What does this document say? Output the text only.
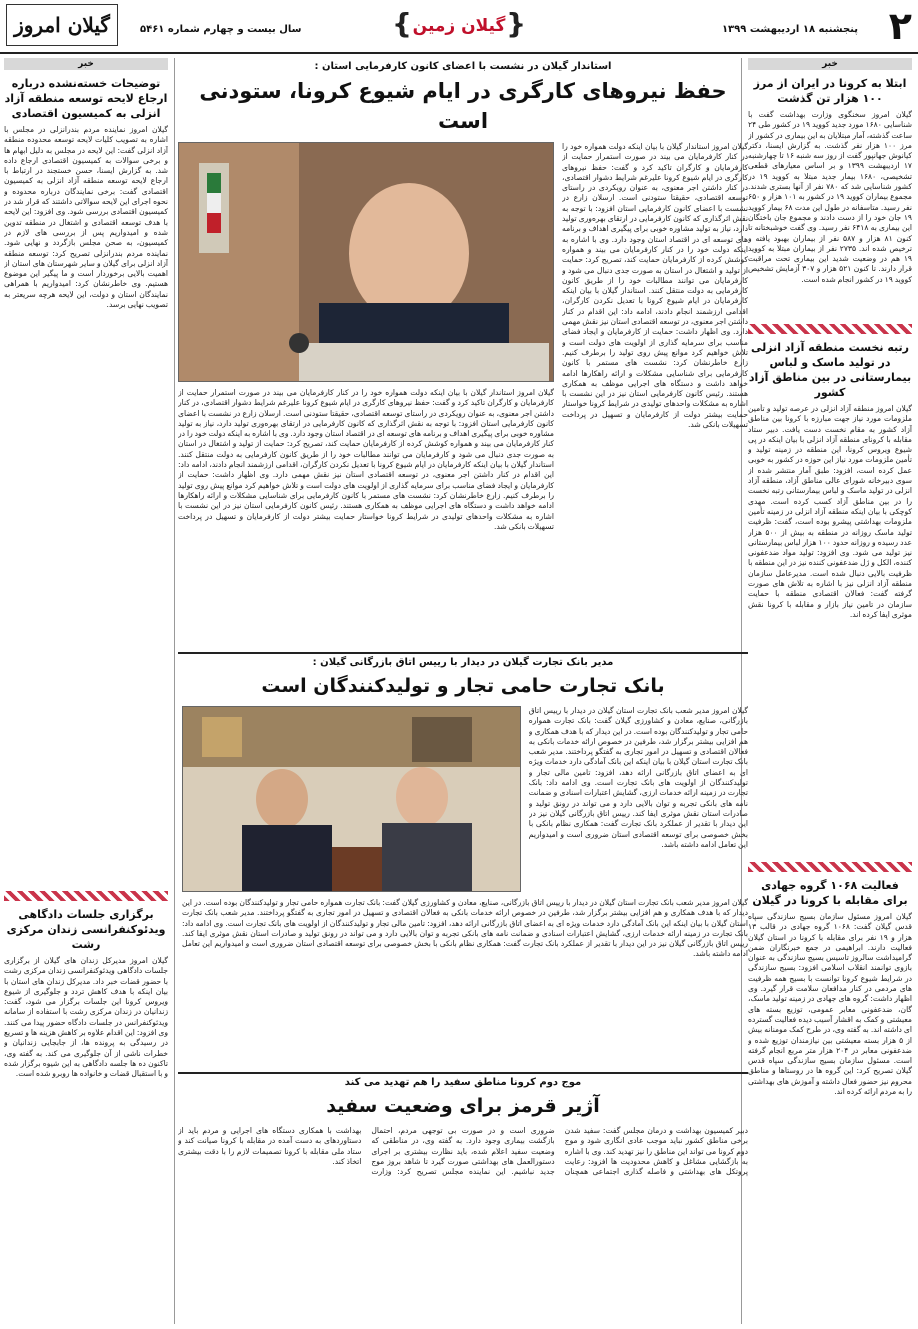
۲
پنجشنبه ۱۸ اردیبهشت ۱۳۹۹
{ گیلان زمین }
سال بیست و چهارم شماره ۵۴۶۱
گیلان امروز
خبر
ابتلا به کرونا در ایران از مرز ۱۰۰ هزار تن گذشت
گیلان امروز سخنگوی وزارت بهداشت گفت با شناسایی ۱۶۸۰ مورد جدید کووید ۱۹ در کشور طی ۲۴ ساعت گذشته، آمار مبتلایان به این بیماری در کشور از مرز ۱۰۰ هزار نفر گذشت. به گزارش ایسنا، دکتر کیانوش جهانپور گفت از روز سه شنبه ۱۶ تا چهارشنبه ۱۷ اردیبهشت ۱۳۹۹ و بر اساس معیارهای قطعی تشخیصی، ۱۶۸۰ بیمار جدید مبتلا به کووید ۱۹ در کشور شناسایی شد که ۷۸۰ نفر از آنها بستری شدند. مجموع بیماران کووید ۱۹ در کشور به ۱۰۱ هزار و ۶۵۰ نفر رسید. متاسفانه در طول این مدت ۶۸ بیمار کووید ۱۹ جان خود را از دست دادند و مجموع جان باختگان این بیماری به ۶۴۱۸ نفر رسید. وی گفت خوشبختانه تا کنون ۸۱ هزار و ۵۸۷ نفر از بیماران بهبود یافته و ترخیص شده اند. ۲۷۳۵ نفر از بیماران مبتلا به کووید ۱۹ هم در وضعیت شدید این بیماری تحت مراقبت قرار دارند. تا کنون ۵۲۱ هزار و ۳۰۷ آزمایش تشخیص کووید ۱۹ در کشور انجام شده است.
رتبه نخست منطقه آزاد انزلی در تولید ماسک و لباس بیمارستانی در بین مناطق آزاد کشور
گیلان امروز منطقه آزاد انزلی در عرصه تولید و تأمین ملزومات مورد نیاز جهت مبارزه با کرونا بین مناطق آزاد کشور به مقام نخست دست یافت. دبیر ستاد مقابله با کرونای منطقه آزاد انزلی با بیان اینکه در پی شیوع ویروس کرونا، این منطقه در زمینه تولید و تأمین ملزومات مورد نیاز این حوزه در کشور به خوبی عمل کرده است، افزود: طبق آمار منتشر شده از سوی دبیرخانه شورای عالی مناطق آزاد، منطقه آزاد انزلی در تولید ماسک و لباس بیمارستانی رتبه نخست را در بین مناطق آزاد کسب کرده است. مهدی کوچکی با بیان اینکه منطقه آزاد انزلی در زمینه تأمین ملزومات بهداشتی پیشرو بوده است، گفت: ظرفیت تولید ماسک روزانه در منطقه به بیش از ۵۰۰ هزار عدد رسیده و روزانه حدود ۱۰۰ هزار لباس بیمارستانی نیز تولید می شود. وی افزود: تولید مواد ضدعفونی کننده، الکل و ژل ضدعفونی کننده نیز در این منطقه با ظرفیت بالایی دنبال شده است. مدیرعامل سازمان منطقه آزاد انزلی نیز با اشاره به تلاش های صورت گرفته گفت: فعالان اقتصادی منطقه با حمایت سازمان در تامین نیاز بازار و مقابله با کرونا نقش موثری ایفا کرده اند.
فعالیت ۱۰۶۸ گروه جهادی برای مقابله با کرونا در گیلان
گیلان امروز مسئول سازمان بسیج سازندگی سپاه قدس گیلان گفت: ۱۰۶۸ گروه جهادی در قالب ۱۳ هزار و ۱۹ نفر برای مقابله با کرونا در استان گیلان فعالیت دارند. ابراهیمی در جمع خبرنگاران ضمن گرامیداشت سالروز تاسیس بسیج سازندگی به عنوان بازوی توانمند انقلاب اسلامی افزود: بسیج سازندگی در شرایط شیوع کرونا توانست با بسیج همه ظرفیت های مردمی در کنار مدافعان سلامت قرار گیرد. وی اظهار داشت: گروه های جهادی در زمینه تولید ماسک، گان، ضدعفونی معابر عمومی، توزیع بسته های معیشتی و کمک به اقشار آسیب دیده فعالیت گسترده ای داشته اند. به گفته وی، در طرح کمک مومنانه بیش از ۵ هزار بسته معیشتی بین نیازمندان توزیع شده و ضدعفونی معابر در ۲۰۴ هزار متر مربع انجام گرفته است. مسئول سازمان بسیج سازندگی سپاه قدس گیلان تصریح کرد: این گروه ها در روستاها و مناطق محروم نیز حضور فعال داشته و آموزش های بهداشتی را به مردم ارائه کرده اند.
خبر
توضیحات خسته‌نشده درباره ارجاع لایحه توسعه منطقه آزاد انزلی به کمیسیون اقتصادی
گیلان امروز نماینده مردم بندرانزلی در مجلس با اشاره به تصویب کلیات لایحه توسعه محدوده منطقه آزاد انزلی گفت: این لایحه در مجلس به دلیل ابهام ها و برخی سوالات به کمیسیون اقتصادی ارجاع داده شد. به گزارش ایسنا، حسن خستجند در ارتباط با ارجاع لایحه توسعه منطقه آزاد انزلی به کمیسیون اقتصادی گفت: برخی نمایندگان درباره محدوده و نحوه اجرای این لایحه سوالاتی داشتند که قرار شد در کمیسیون اقتصادی بررسی شود. وی افزود: این لایحه با هدف توسعه اقتصادی و اشتغال در منطقه تدوین شده و امیدواریم پس از بررسی های لازم در کمیسیون، به صحن مجلس بازگردد و نهایی شود. نماینده مردم بندرانزلی تصریح کرد: توسعه منطقه آزاد انزلی برای گیلان و سایر شهرستان های استان از اهمیت بالایی برخوردار است و ما پیگیر این موضوع هستیم. وی خاطرنشان کرد: امیدواریم با همراهی نمایندگان استان و دولت، این لایحه هرچه سریعتر به تصویب نهایی برسد.
برگزاری جلسات دادگاهی ویدئوکنفرانسی زندان مرکزی رشت
گیلان امروز مدیرکل زندان های گیلان از برگزاری جلسات دادگاهی ویدئوکنفرانسی زندان مرکزی رشت با حضور قضات خبر داد. مدیرکل زندان های استان با بیان اینکه با هدف کاهش تردد و جلوگیری از شیوع ویروس کرونا این جلسات برگزار می شود، گفت: زندانیان در زندان مرکزی رشت با استفاده از سامانه ویدئوکنفرانس در جلسات دادگاه حضور پیدا می کنند. وی افزود: این اقدام علاوه بر کاهش هزینه ها و تسریع در رسیدگی به پرونده ها، از جابجایی زندانیان و خطرات ناشی از آن جلوگیری می کند. به گفته وی، تاکنون ده ها جلسه دادگاهی به این شیوه برگزار شده و با استقبال قضات و خانواده ها روبرو شده است.
استاندار گیلان در نشست با اعضای کانون کارفرمایی استان :
حفظ نیروهای کارگری در ایام شیوع کرونا، ستودنی است
گیلان امروز استاندار گیلان با بیان اینکه دولت همواره خود را در کنار کارفرمایان می بیند در صورت استمرار حمایت از کارفرمایان و کارگران تاکید کرد و گفت: حفظ نیروهای کارگری در ایام شیوع کرونا علیرغم شرایط دشوار اقتصادی، در کنار داشتن اجر معنوی، به عنوان رویکردی در راستای توسعه اقتصادی، حقیقتا ستودنی است. ارسلان زارع در نشست با اعضای کانون کارفرمایی استان افزود: با توجه به نقش اثرگذاری که کانون کارفرمایی در ارتقای بهره‌وری تولید دارد، نیاز به تولید مشاوره خوبی برای پیگیری اهداف و برنامه های توسعه ای در اقتصاد استان وجود دارد. وی با اشاره به اینکه دولت خود را در کنار کارفرمایان می بیند و همواره کوشش کرده از کارفرمایان حمایت کند، تصریح کرد: حمایت از تولید و اشتغال در استان به صورت جدی دنبال می شود و کارفرمایان می توانند مطالبات خود را از طریق کانون کارفرمایی به دولت منتقل کنند. استاندار گیلان با بیان اینکه کارفرمایان در ایام شیوع کرونا با تعدیل نکردن کارگران، اقدامی ارزشمند انجام دادند، ادامه داد: این اقدام در کنار داشتن اجر معنوی، در توسعه اقتصادی استان نیز نقش مهمی دارد. وی اظهار داشت: حمایت از کارفرمایان و ایجاد فضای مناسب برای سرمایه گذاری از اولویت های دولت است و تلاش خواهیم کرد موانع پیش روی تولید را برطرف کنیم. زارع خاطرنشان کرد: نشست های مستمر با کانون کارفرمایی برای شناسایی مشکلات و ارائه راهکارها ادامه خواهد داشت و دستگاه های اجرایی موظف به همکاری هستند. رئیس کانون کارفرمایی استان نیز در این نشست با اشاره به مشکلات واحدهای تولیدی در شرایط کرونا خواستار حمایت بیشتر دولت از کارفرمایان و تسهیل در پرداخت تسهیلات بانکی شد.
گیلان امروز استاندار گیلان با بیان اینکه دولت همواره خود را در کنار کارفرمایان می بیند در صورت استمرار حمایت از کارفرمایان و کارگران تاکید کرد و گفت: حفظ نیروهای کارگری در ایام شیوع کرونا علیرغم شرایط دشوار اقتصادی، در کنار داشتن اجر معنوی، به عنوان رویکردی در راستای توسعه اقتصادی، حقیقتا ستودنی است. ارسلان زارع در نشست با اعضای کانون کارفرمایی استان افزود: با توجه به نقش اثرگذاری که کانون کارفرمایی در ارتقای بهره‌وری تولید دارد، نیاز به تولید مشاوره خوبی برای پیگیری اهداف و برنامه های توسعه ای در اقتصاد استان وجود دارد. وی با اشاره به اینکه دولت خود را در کنار کارفرمایان می بیند و همواره کوشش کرده از کارفرمایان حمایت کند، تصریح کرد: حمایت از تولید و اشتغال در استان به صورت جدی دنبال می شود و کارفرمایان می توانند مطالبات خود را از طریق کانون کارفرمایی به دولت منتقل کنند. استاندار گیلان با بیان اینکه کارفرمایان در ایام شیوع کرونا با تعدیل نکردن کارگران، اقدامی ارزشمند انجام دادند، ادامه داد: این اقدام در کنار داشتن اجر معنوی، در توسعه اقتصادی استان نیز نقش مهمی دارد. وی اظهار داشت: حمایت از کارفرمایان و ایجاد فضای مناسب برای سرمایه گذاری از اولویت های دولت است و تلاش خواهیم کرد موانع پیش روی تولید را برطرف کنیم. زارع خاطرنشان کرد: نشست های مستمر با کانون کارفرمایی برای شناسایی مشکلات و ارائه راهکارها ادامه خواهد داشت و دستگاه های اجرایی موظف به همکاری هستند. رئیس کانون کارفرمایی استان نیز در این نشست با اشاره به مشکلات واحدهای تولیدی در شرایط کرونا خواستار حمایت بیشتر دولت از کارفرمایان و تسهیل در پرداخت تسهیلات بانکی شد.
مدیر بانک تجارت گیلان در دیدار با رییس اتاق بازرگانی گیلان :
بانک تجارت حامی تجار و تولیدکنندگان است
گیلان امروز مدیر شعب بانک تجارت استان گیلان در دیدار با رییس اتاق بازرگانی، صنایع، معادن و کشاورزی گیلان گفت: بانک تجارت همواره حامی تجار و تولیدکنندگان بوده است. در این دیدار که با هدف همکاری و هم افزایی بیشتر برگزار شد، طرفین در خصوص ارائه خدمات بانکی به فعالان اقتصادی و تسهیل در امور تجاری به گفتگو پرداختند. مدیر شعب بانک تجارت استان گیلان با بیان اینکه این بانک آمادگی دارد خدمات ویژه ای به اعضای اتاق بازرگانی ارائه دهد، افزود: تامین مالی تجار و تولیدکنندگان از اولویت های بانک تجارت است. وی ادامه داد: بانک تجارت در زمینه ارائه خدمات ارزی، گشایش اعتبارات اسنادی و ضمانت نامه های بانکی تجربه و توان بالایی دارد و می تواند در رونق تولید و صادرات استان نقش موثری ایفا کند. رییس اتاق بازرگانی گیلان نیز در این دیدار با تقدیر از عملکرد بانک تجارت گفت: همکاری نظام بانکی با بخش خصوصی برای توسعه اقتصادی استان ضروری است و امیدواریم این تعامل ادامه داشته باشد.
گیلان امروز مدیر شعب بانک تجارت استان گیلان در دیدار با رییس اتاق بازرگانی، صنایع، معادن و کشاورزی گیلان گفت: بانک تجارت همواره حامی تجار و تولیدکنندگان بوده است. در این دیدار که با هدف همکاری و هم افزایی بیشتر برگزار شد، طرفین در خصوص ارائه خدمات بانکی به فعالان اقتصادی و تسهیل در امور تجاری به گفتگو پرداختند. مدیر شعب بانک تجارت استان گیلان با بیان اینکه این بانک آمادگی دارد خدمات ویژه ای به اعضای اتاق بازرگانی ارائه دهد، افزود: تامین مالی تجار و تولیدکنندگان از اولویت های بانک تجارت است. وی ادامه داد: بانک تجارت در زمینه ارائه خدمات ارزی، گشایش اعتبارات اسنادی و ضمانت نامه های بانکی تجربه و توان بالایی دارد و می تواند در رونق تولید و صادرات استان نقش موثری ایفا کند. رییس اتاق بازرگانی گیلان نیز در این دیدار با تقدیر از عملکرد بانک تجارت گفت: همکاری نظام بانکی با بخش خصوصی برای توسعه اقتصادی استان ضروری است و امیدواریم این تعامل ادامه داشته باشد.
موج دوم کرونا مناطق سفید را هم تهدید می کند
آژیر قرمز برای وضعیت سفید
دبیر کمیسیون بهداشت و درمان مجلس گفت: سفید شدن برخی مناطق کشور نباید موجب عادی انگاری شود و موج دوم کرونا می تواند این مناطق را نیز تهدید کند. وی با اشاره به بازگشایی مشاغل و کاهش محدودیت ها افزود: رعایت پروتکل های بهداشتی و فاصله گذاری اجتماعی همچنان ضروری است و در صورت بی توجهی مردم، احتمال بازگشت بیماری وجود دارد. به گفته وی، در مناطقی که وضعیت سفید اعلام شده، باید نظارت بیشتری بر اجرای دستورالعمل های بهداشتی صورت گیرد تا شاهد بروز موج جدید نباشیم. این نماینده مجلس تصریح کرد: وزارت بهداشت با همکاری دستگاه های اجرایی و مردم باید از دستاوردهای به دست آمده در مقابله با کرونا صیانت کند و ستاد ملی مقابله با کرونا تصمیمات لازم را با دقت بیشتری اتخاذ کند.
